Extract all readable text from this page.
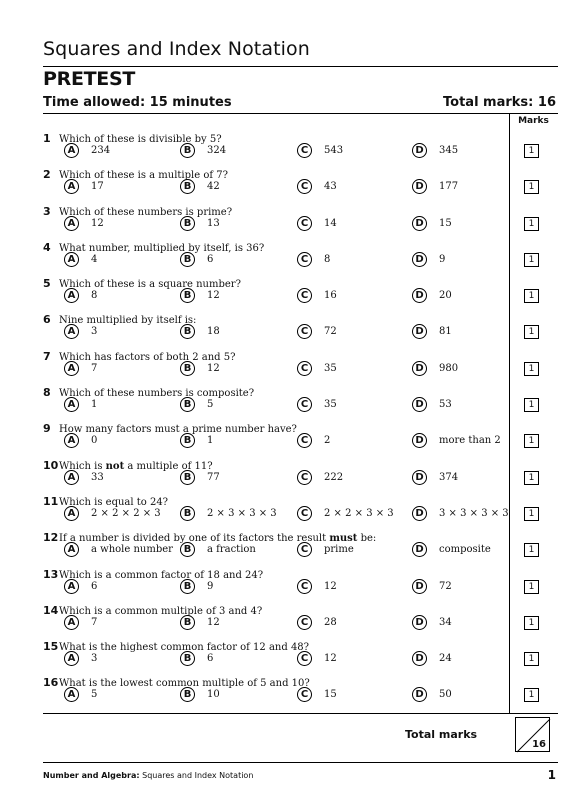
Squares and Index Notation
PRETEST
Time allowed: 15 minutes	Total marks: 16
Marks
1 Which of these is divisible by 5?
A	234	B	324	C	543	D	345	1
2 Which of these is a multiple of 7?
A	17	B	42	C	43	D	177	1
3 Which of these numbers is prime?
A	12	B	13	C	14	D	15	1
4 What number, multiplied by itself, is 36?
A	4	B	6	C	8	D	9	1
5 Which of these is a square number?
A	8	B	12	C	16	D	20	1
6 Nine multiplied by itself is:
A	3	B	18	C	72	D	81	1
7 Which has factors of both 2 and 5?
A	7	B	12	C	35	D	980	1
8 Which of these numbers is composite?
A	1	B	5	C	35	D	53	1
9 How many factors must a prime number have?
A	0	B	1	C	2	D	more than 2	1
10Which is not a multiple of 11?
A	33	B	77	C	222	D	374	1
11Which is equal to 24?
A	2 × 2 × 2 × 3	B	2 × 3 × 3 × 3	C	2 × 2 × 3 × 3	D	3 × 3 × 3 × 3	1
12If a number is divided by one of its factors the result must be:
A	a whole number	B	a fraction	C	prime	D	composite	1
13Which is a common factor of 18 and 24?
A	6	B	9	C	12	D	72	1
14Which is a common multiple of 3 and 4?
A	7	B	12	C	28	D	34	1
15What is the highest common factor of 12 and 48?
A	3	B	6	C	12	D	24	1
16What is the lowest common multiple of 5 and 10?
A	5	B	10	C	15	D	50	1
Total marks
16
Number and Algebra: Squares and Index Notation	1
